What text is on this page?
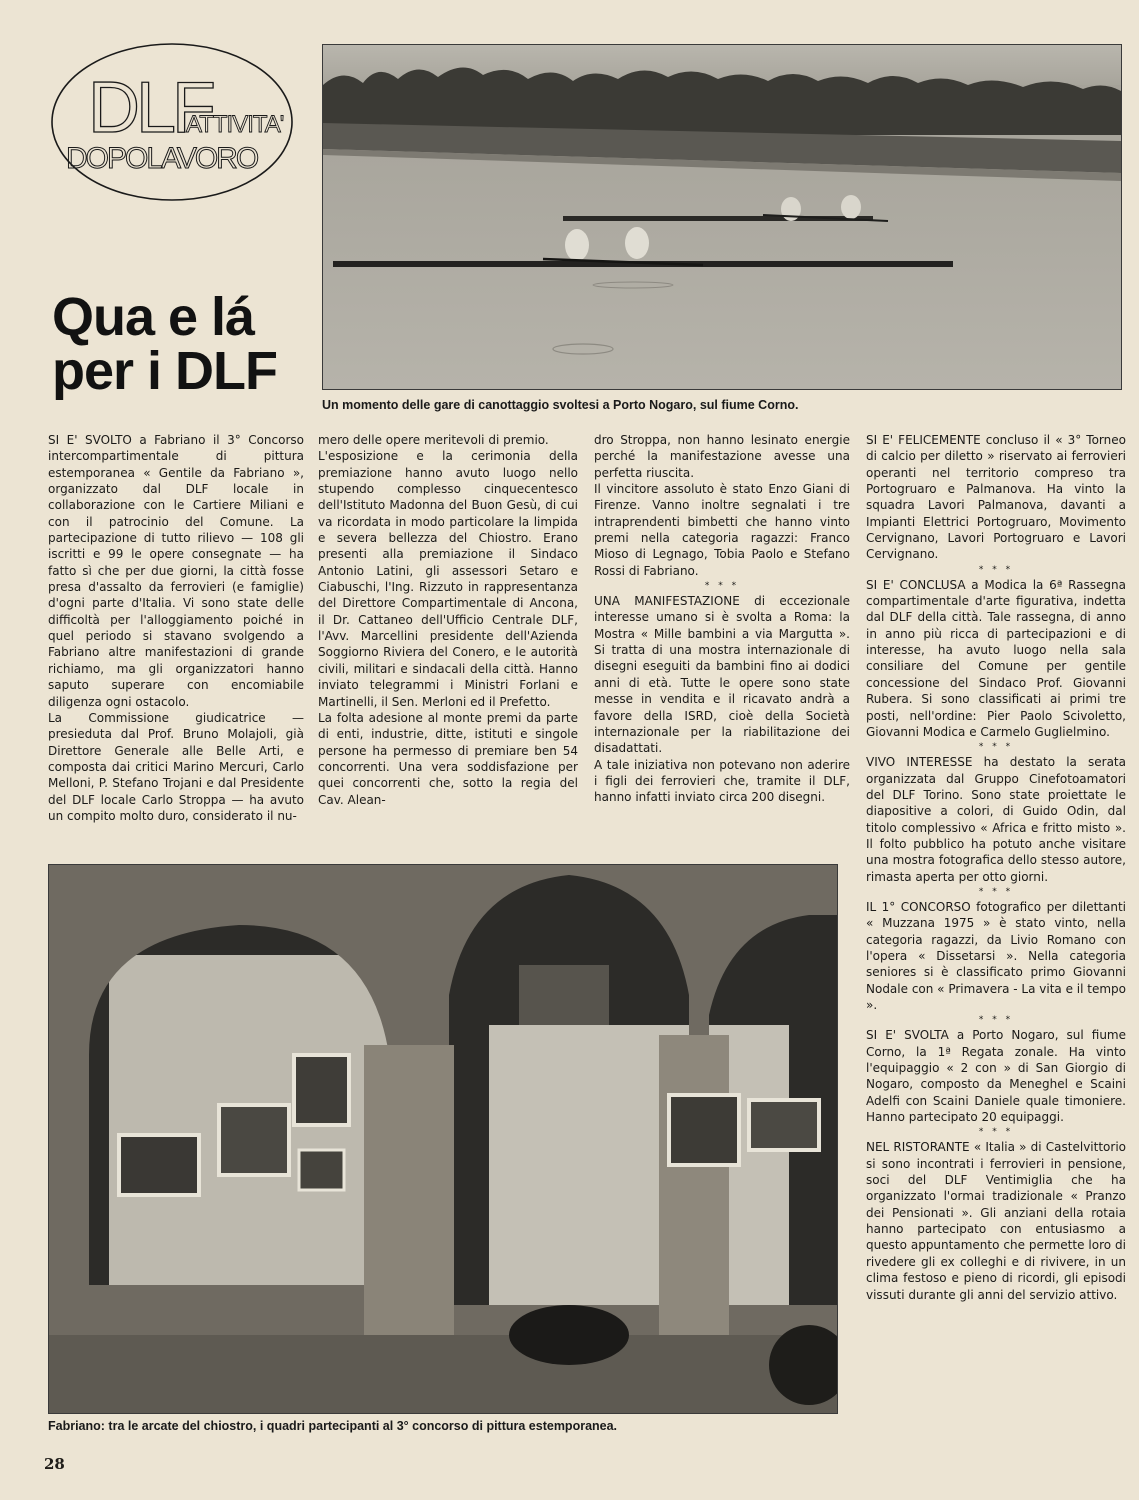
DLF
ATTIVITA'
DOPOLAVORO
Qua e lá per i DLF

Un momento delle gare di canottaggio svoltesi a Porto Nogaro, sul fiume Corno.

SI E' SVOLTO a Fabriano il 3° Concorso intercompartimentale di pittura estemporanea « Gentile da Fabriano », organizzato dal DLF locale in collaborazione con le Cartiere Miliani e con il patrocinio del Comune. La partecipazione di tutto rilievo — 108 gli iscritti e 99 le opere consegnate — ha fatto sì che per due giorni, la città fosse presa d'assalto da ferrovieri (e famiglie) d'ogni parte d'Italia. Vi sono state delle difficoltà per l'alloggiamento poiché in quel periodo si stavano svolgendo a Fabriano altre manifestazioni di grande richiamo, ma gli organizzatori hanno saputo superare con encomiabile diligenza ogni ostacolo.

La Commissione giudicatrice — presieduta dal Prof. Bruno Molajoli, già Direttore Generale alle Belle Arti, e composta dai critici Marino Mercuri, Carlo Melloni, P. Stefano Trojani e dal Presidente del DLF locale Carlo Stroppa — ha avuto un compito molto duro, considerato il nu-

mero delle opere meritevoli di premio.

L'esposizione e la cerimonia della premiazione hanno avuto luogo nello stupendo complesso cinquecentesco dell'Istituto Madonna del Buon Gesù, di cui va ricordata in modo particolare la limpida e severa bellezza del Chiostro. Erano presenti alla premiazione il Sindaco Antonio Latini, gli assessori Setaro e Ciabuschi, l'Ing. Rizzuto in rappresentanza del Direttore Compartimentale di Ancona, il Dr. Cattaneo dell'Ufficio Centrale DLF, l'Avv. Marcellini presidente dell'Azienda Soggiorno Riviera del Conero, e le autorità civili, militari e sindacali della città. Hanno inviato telegrammi i Ministri Forlani e Martinelli, il Sen. Merloni ed il Prefetto.

La folta adesione al monte premi da parte di enti, industrie, ditte, istituti e singole persone ha permesso di premiare ben 54 concorrenti. Una vera soddisfazione per quei concorrenti che, sotto la regia del Cav. Alean-

dro Stroppa, non hanno lesinato energie perché la manifestazione avesse una perfetta riuscita.

Il vincitore assoluto è stato Enzo Giani di Firenze. Vanno inoltre segnalati i tre intraprendenti bimbetti che hanno vinto premi nella categoria ragazzi: Franco Mioso di Legnago, Tobia Paolo e Stefano Rossi di Fabriano.

* * *

UNA MANIFESTAZIONE di eccezionale interesse umano si è svolta a Roma: la Mostra « Mille bambini a via Margutta ». Si tratta di una mostra internazionale di disegni eseguiti da bambini fino ai dodici anni di età. Tutte le opere sono state messe in vendita e il ricavato andrà a favore della ISRD, cioè della Società internazionale per la riabilitazione dei disadattati.

A tale iniziativa non potevano non aderire i figli dei ferrovieri che, tramite il DLF, hanno infatti inviato circa 200 disegni.

SI E' FELICEMENTE concluso il « 3° Torneo di calcio per diletto » riservato ai ferrovieri operanti nel territorio compreso tra Portogruaro e Palmanova. Ha vinto la squadra Lavori Palmanova, davanti a Impianti Elettrici Portogruaro, Movimento Cervignano, Lavori Portogruaro e Lavori Cervignano.

* * *

SI E' CONCLUSA a Modica la 6ª Rassegna compartimentale d'arte figurativa, indetta dal DLF della città. Tale rassegna, di anno in anno più ricca di partecipazioni e di interesse, ha avuto luogo nella sala consiliare del Comune per gentile concessione del Sindaco Prof. Giovanni Rubera. Si sono classificati ai primi tre posti, nell'ordine: Pier Paolo Scivoletto, Giovanni Modica e Carmelo Guglielmino.

* * *

VIVO INTERESSE ha destato la serata organizzata dal Gruppo Cinefotoamatori del DLF Torino. Sono state proiettate le diapositive a colori, di Guido Odin, dal titolo complessivo « Africa e fritto misto ». Il folto pubblico ha potuto anche visitare una mostra fotografica dello stesso autore, rimasta aperta per otto giorni.

* * *

IL 1° CONCORSO fotografico per dilettanti « Muzzana 1975 » è stato vinto, nella categoria ragazzi, da Livio Romano con l'opera « Dissetarsi ». Nella categoria seniores si è classificato primo Giovanni Nodale con « Primavera - La vita e il tempo ».

* * *

SI E' SVOLTA a Porto Nogaro, sul fiume Corno, la 1ª Regata zonale. Ha vinto l'equipaggio « 2 con » di San Giorgio di Nogaro, composto da Meneghel e Scaini Adelfi con Scaini Daniele quale timoniere. Hanno partecipato 20 equipaggi.

* * *

NEL RISTORANTE « Italia » di Castelvittorio si sono incontrati i ferrovieri in pensione, soci del DLF Ventimiglia che ha organizzato l'ormai tradizionale « Pranzo dei Pensionati ». Gli anziani della rotaia hanno partecipato con entusiasmo a questo appuntamento che permette loro di rivedere gli ex colleghi e di rivivere, in un clima festoso e pieno di ricordi, gli episodi vissuti durante gli anni del servizio attivo.

Fabriano: tra le arcate del chiostro, i quadri partecipanti al 3° concorso di pittura estemporanea.

28
